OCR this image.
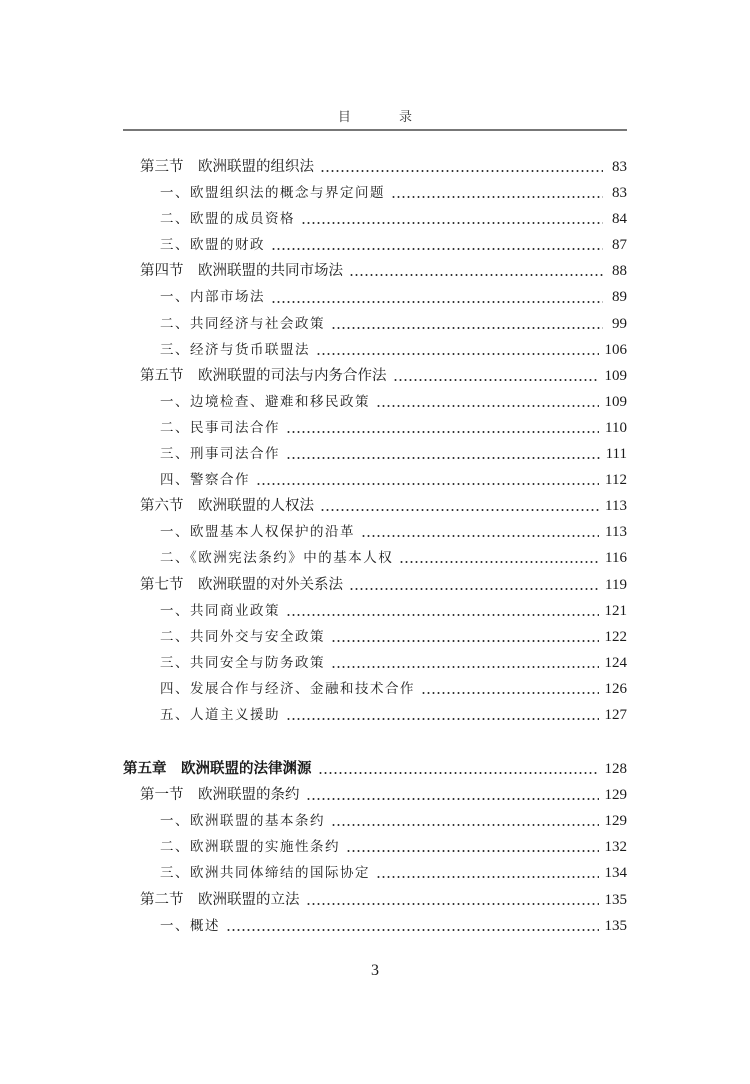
目 录
第三节　欧洲联盟的组织法	83
一、欧盟组织法的概念与界定问题	83
二、欧盟的成员资格	84
三、欧盟的财政	87
第四节　欧洲联盟的共同市场法	88
一、内部市场法	89
二、共同经济与社会政策	99
三、经济与货币联盟法	106
第五节　欧洲联盟的司法与内务合作法	109
一、边境检查、避难和移民政策	109
二、民事司法合作	110
三、刑事司法合作	111
四、警察合作	112
第六节　欧洲联盟的人权法	113
一、欧盟基本人权保护的沿革	113
二、《欧洲宪法条约》中的基本人权	116
第七节　欧洲联盟的对外关系法	119
一、共同商业政策	121
二、共同外交与安全政策	122
三、共同安全与防务政策	124
四、发展合作与经济、金融和技术合作	126
五、人道主义援助	127
第五章　欧洲联盟的法律渊源	128
第一节　欧洲联盟的条约	129
一、欧洲联盟的基本条约	129
二、欧洲联盟的实施性条约	132
三、欧洲共同体缔结的国际协定	134
第二节　欧洲联盟的立法	135
一、概述	135
3
